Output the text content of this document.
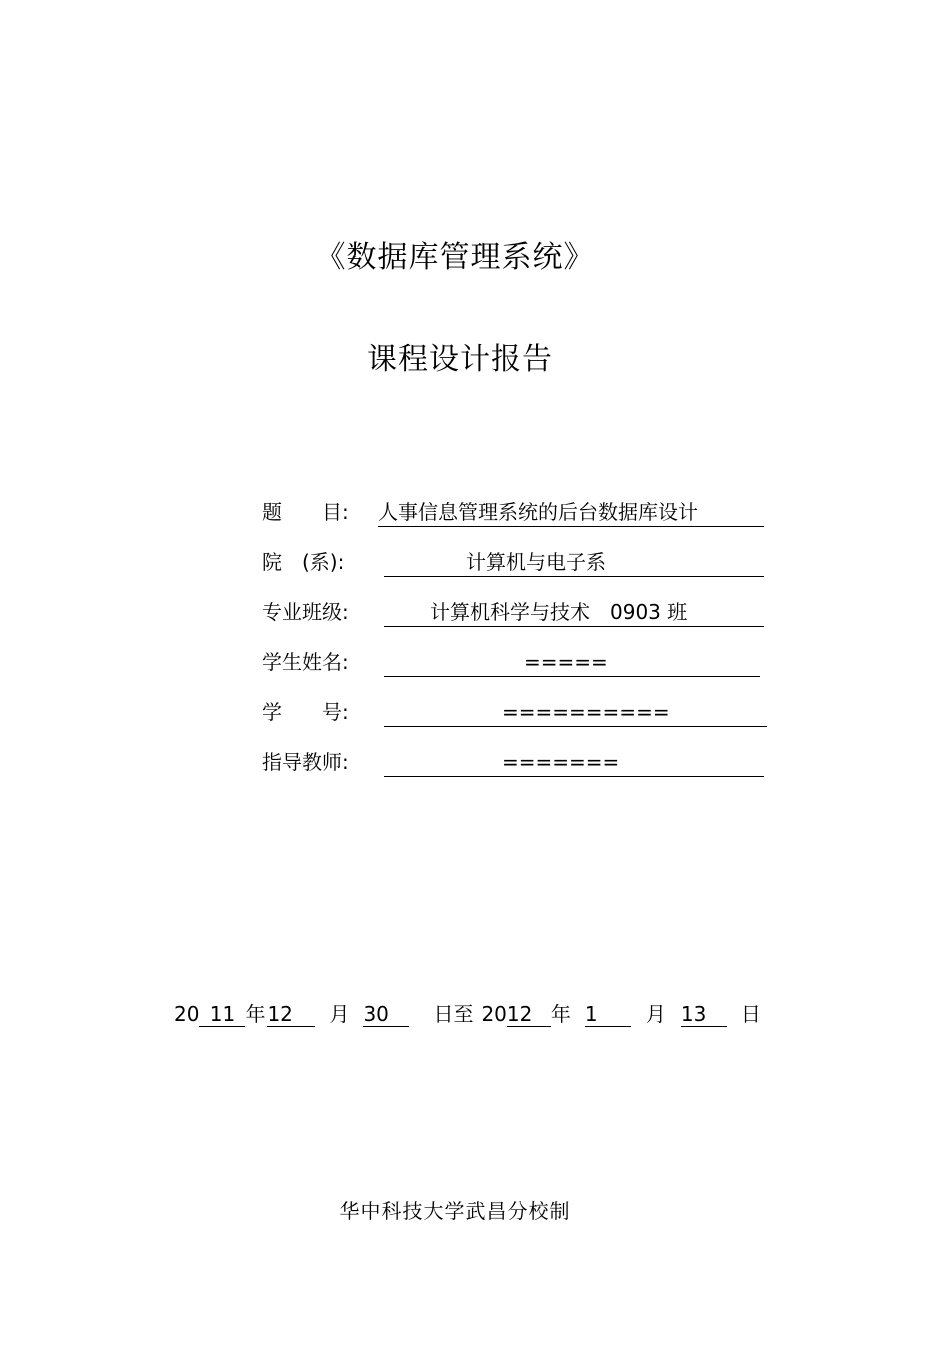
《数据库管理系统》
课程设计报告
题　　目: 人事信息管理系统的后台数据库设计
院　(系):	计算机与电子系
专业班级:	计算机科学与技术　0903 班
学生姓名:	=====
学　　号:	==========
指导教师:	=======
20 11 年 12 月 30 日至 2012 年 1 月 13 日
华中科技大学武昌分校制
